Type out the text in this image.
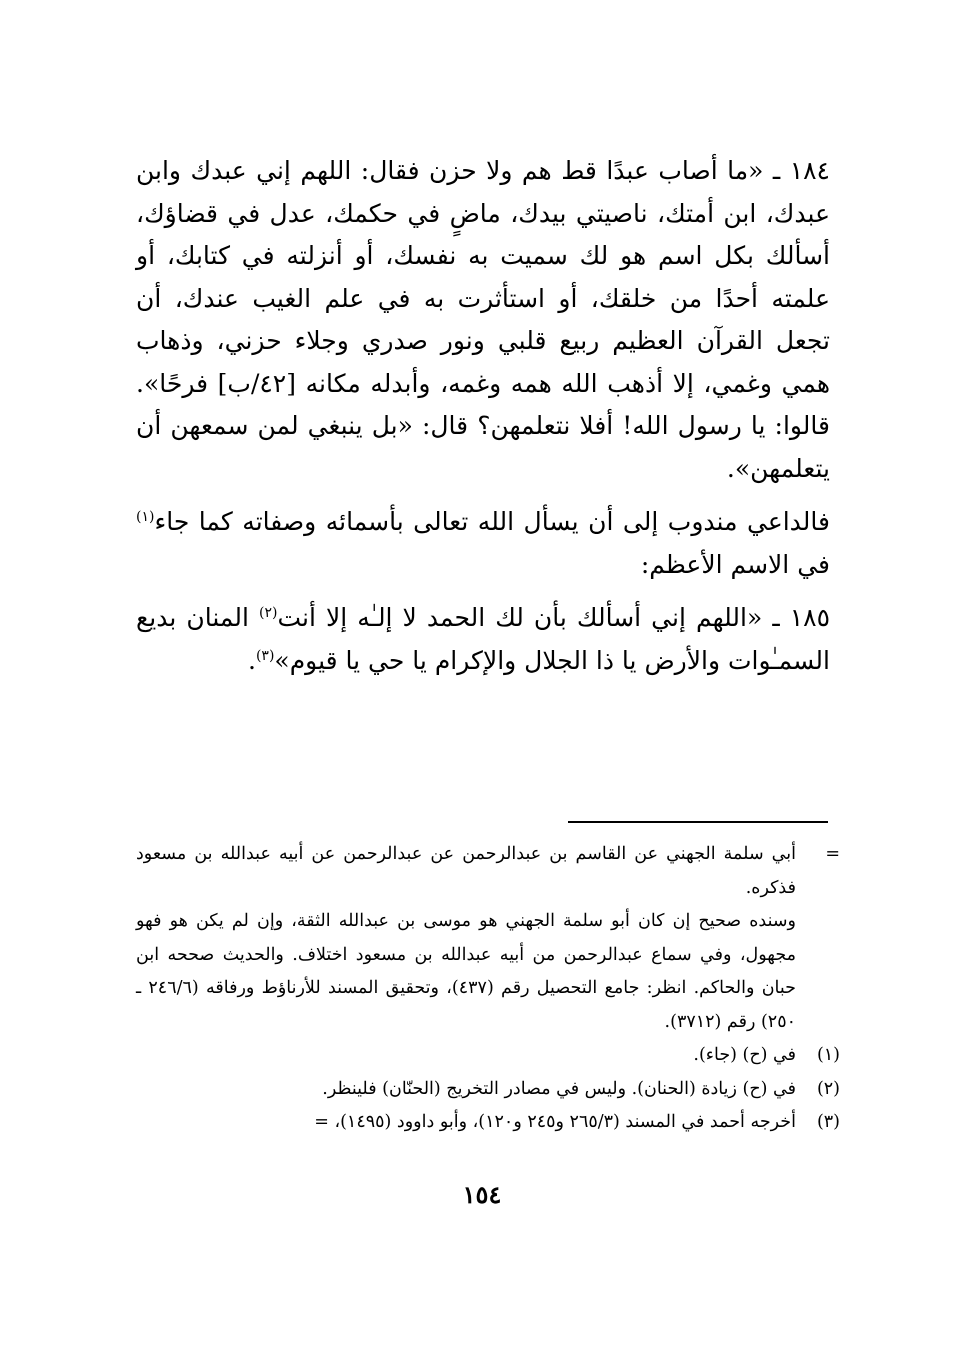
١٨٤ ـ «ما أصاب عبدًا قط هم ولا حزن فقال: اللهم إني عبدك وابن عبدك، ابن أمتك، ناصيتي بيدك، ماضٍ في حكمك، عدل في قضاؤك، أسألك بكل اسم هو لك سميت به نفسك، أو أنزلته في كتابك، أو علمته أحدًا من خلقك، أو استأثرت به في علم الغيب عندك، أن تجعل القرآن العظيم ربيع قلبي ونور صدري وجلاء حزني، وذهاب همي وغمي، إلا أذهب الله همه وغمه، وأبدله مكانه [٤٢/ب] فرحًا». قالوا: يا رسول الله! أفلا نتعلمهن؟ قال: «بل ينبغي لمن سمعهن أن يتعلمهن».

فالداعي مندوب إلى أن يسأل الله تعالى بأسمائه وصفاته كما جاء$^{(١)}$ في الاسم الأعظم:

١٨٥ ـ «اللهم إني أسألك بأن لك الحمد لا إلـٰه إلا أنت$^{(٢)}$ المنان بديع السمـٰوات والأرض يا ذا الجلال والإكرام يا حي يا قيوم»$^{(٣)}$.

=
أبي سلمة الجهني عن القاسم بن عبدالرحمن عن عبدالرحمن عن أبيه عبدالله بن مسعود فذكره.
وسنده صحيح إن كان أبو سلمة الجهني هو موسى بن عبدالله الثقة، وإن لم يكن هو فهو مجهول، وفي سماع عبدالرحمن من أبيه عبدالله بن مسعود اختلاف. والحديث صححه ابن حبان والحاكم. انظر: جامع التحصيل رقم (٤٣٧)، وتحقيق المسند للأرناؤط ورفاقه (٢٤٦/٦ ـ ٢٥٠) رقم (٣٧١٢).
(١)
في (ح) (جاء).
(٢)
في (ح) زيادة (الحنان). وليس في مصادر التخريج (الحنّان) فلينظر.
(٣)
أخرجه أحمد في المسند (٢٦٥/٣ و٢٤٥ و١٢٠)، وأبو داوود (١٤٩٥)، =
١٥٤
